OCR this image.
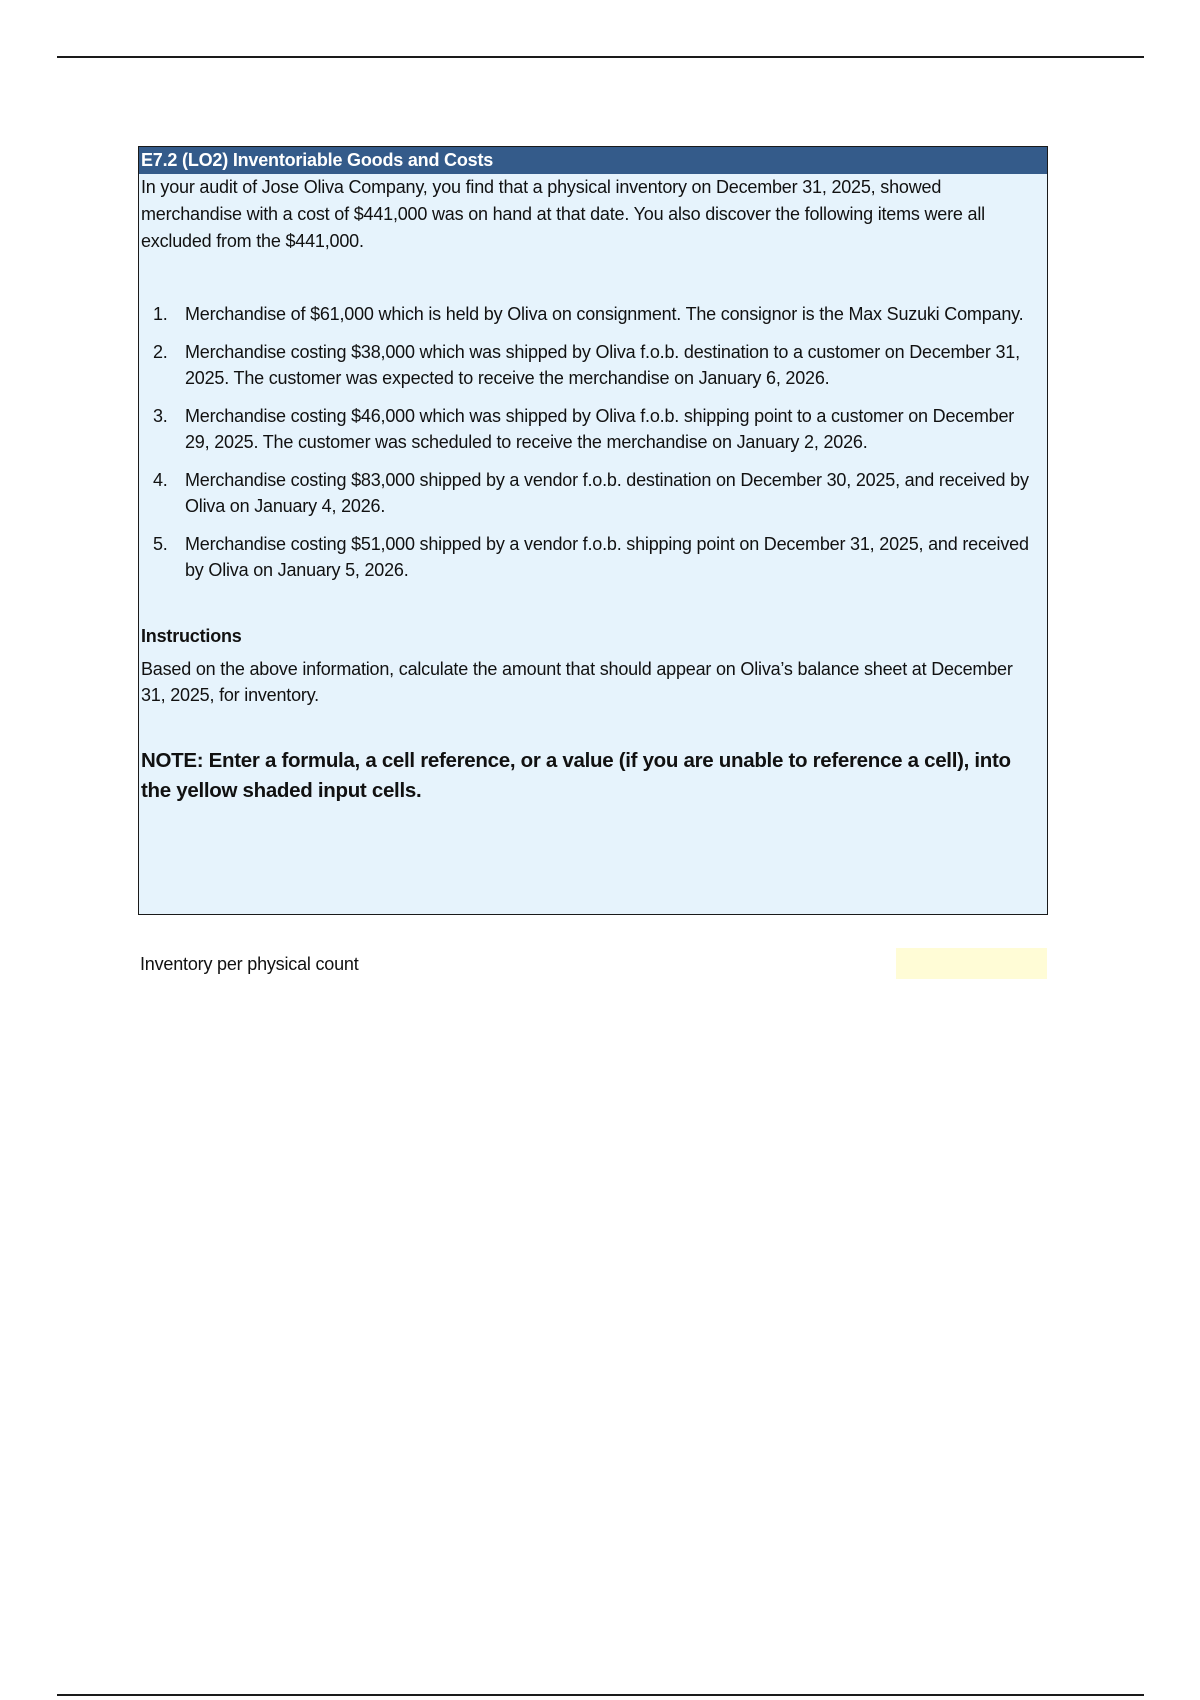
E7.2 (LO2) Inventoriable Goods and Costs
In your audit of Jose Oliva Company, you find that a physical inventory on December 31, 2025, showed merchandise with a cost of $441,000 was on hand at that date. You also discover the following items were all excluded from the $441,000.
1. Merchandise of $61,000 which is held by Oliva on consignment. The consignor is the Max Suzuki Company.
2. Merchandise costing $38,000 which was shipped by Oliva f.o.b. destination to a customer on December 31, 2025. The customer was expected to receive the merchandise on January 6, 2026.
3. Merchandise costing $46,000 which was shipped by Oliva f.o.b. shipping point to a customer on December 29, 2025. The customer was scheduled to receive the merchandise on January 2, 2026.
4. Merchandise costing $83,000 shipped by a vendor f.o.b. destination on December 30, 2025, and received by Oliva on January 4, 2026.
5. Merchandise costing $51,000 shipped by a vendor f.o.b. shipping point on December 31, 2025, and received by Oliva on January 5, 2026.
Instructions
Based on the above information, calculate the amount that should appear on Oliva’s balance sheet at December 31, 2025, for inventory.
NOTE: Enter a formula, a cell reference, or a value (if you are unable to reference a cell), into the yellow shaded input cells.
Inventory per physical count
